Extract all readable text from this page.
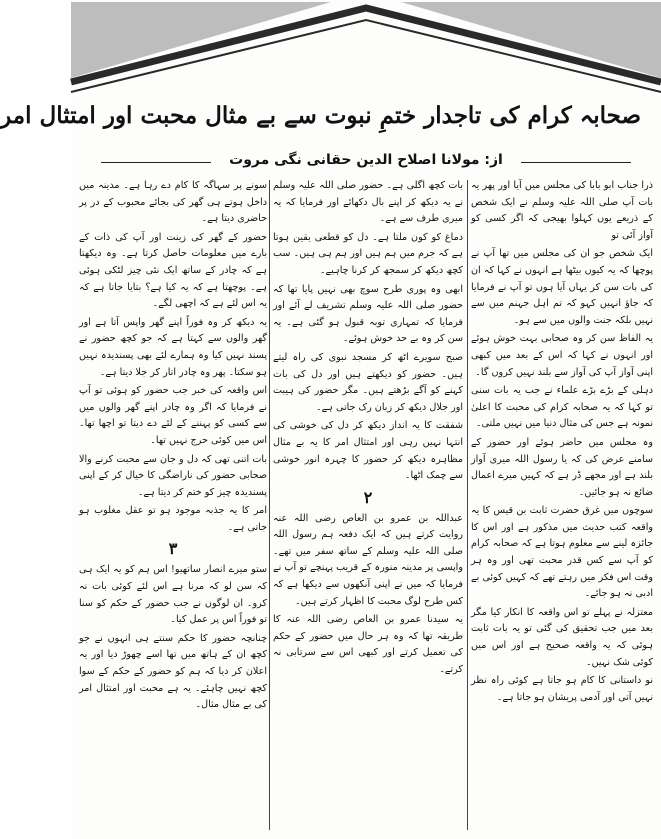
صحابہ کرام کی تاجدار ختمِ نبوت سے بے مثال محبت اور امتثال امر
از: مولانا اصلاح الدین حقانی نگی مروت

ذرا جناب ابو بابا کی مجلس میں آیا اور پھر یہ بات آپ صلی اللہ علیہ وسلم نے ایک شخص کے ذریعے یوں کہلوا بھیجی کہ اگر کسی کو آواز آئی تو

ایک شخص جو ان کی مجلس میں تھا آپ نے پوچھا کہ یہ کیوں بیٹھا ہے انہوں نے کہا کہ ان کی بات سن کر یہاں آیا ہوں تو آپ نے فرمایا کہ جاؤ انہیں کہو کہ تم اہل جہنم میں سے نہیں بلکہ جنت والوں میں سے ہو۔

یہ الفاظ سن کر وہ صحابی بہت خوش ہوئے اور انہوں نے کہا کہ اس کے بعد میں کبھی اپنی آواز آپ کی آواز سے بلند نہیں کروں گا۔

دہلی کے بڑے بڑے علماء نے جب یہ بات سنی تو کہا کہ یہ صحابہ کرام کی محبت کا اعلیٰ نمونہ ہے جس کی مثال دنیا میں نہیں ملتی۔

وہ مجلس میں حاضر ہوئے اور حضور کے سامنے عرض کی کہ یا رسول اللہ میری آواز بلند ہے اور مجھے ڈر ہے کہ کہیں میرے اعمال ضائع نہ ہو جائیں۔

سوچوں میں غرق حضرت ثابت بن قیس کا یہ واقعہ کتب حدیث میں مذکور ہے اور اس کا جائزہ لینے سے معلوم ہوتا ہے کہ صحابہ کرام کو آپ سے کس قدر محبت تھی اور وہ ہر وقت اس فکر میں رہتے تھے کہ کہیں کوئی بے ادبی نہ ہو جائے۔

معتزلہ نے پہلے تو اس واقعہ کا انکار کیا مگر بعد میں جب تحقیق کی گئی تو یہ بات ثابت ہوئی کہ یہ واقعہ صحیح ہے اور اس میں کوئی شک نہیں۔

نو داستانی کا کام ہو جاتا ہے کوئی راہ نظر نہیں آتی اور آدمی پریشان ہو جاتا ہے۔

بات کچھ اگلی ہے۔ حضور صلی اللہ علیہ وسلم نے یہ دیکھ کر اپنے بال دکھائے اور فرمایا کہ یہ میری طرف سے ہے۔

دماغ کو کون ملتا ہے۔ دل کو قطعی یقین ہوتا ہے کہ جرم میں ہم ہیں اور ہم ہی ہیں۔ سب کچھ دیکھ کر سمجھ کر کرنا چاہیے۔

ابھی وہ پوری طرح سوچ بھی نہیں پایا تھا کہ حضور صلی اللہ علیہ وسلم تشریف لے آئے اور فرمایا کہ تمہاری توبہ قبول ہو گئی ہے۔ یہ سن کر وہ بے حد خوش ہوئے۔

صبح سویرے اٹھ کر مسجد نبوی کی راہ لیتے ہیں۔ حضور کو دیکھتے ہیں اور دل کی بات کہنے کو آگے بڑھتے ہیں۔ مگر حضور کی ہیبت اور جلال دیکھ کر زبان رک جاتی ہے۔

شفقت کا یہ انداز دیکھ کر دل کی خوشی کی انتہا نہیں رہی اور امتثال امر کا یہ بے مثال مظاہرہ دیکھ کر حضور کا چہرہ انور خوشی سے چمک اٹھا۔

۲

عبداللہ بن عمرو بن العاص رضی اللہ عنہ روایت کرتے ہیں کہ ایک دفعہ ہم رسول اللہ صلی اللہ علیہ وسلم کے ساتھ سفر میں تھے۔ واپسی پر مدینہ منورہ کے قریب پہنچے تو آپ نے فرمایا کہ میں نے اپنی آنکھوں سے دیکھا ہے کہ کس طرح لوگ محبت کا اظہار کرتے ہیں۔

یہ سیدنا عمرو بن العاص رضی اللہ عنہ کا طریقہ تھا کہ وہ ہر حال میں حضور کے حکم کی تعمیل کرتے اور کبھی اس سے سرتابی نہ کرتے۔

سونے پر سہاگہ کا کام دے رہا ہے۔ مدینہ میں داخل ہوتے ہی گھر کی بجائے محبوب کے در پر حاضری دیتا ہے۔

حضور کے گھر کی زینت اور آپ کی ذات کے بارے میں معلومات حاصل کرتا ہے۔ وہ دیکھتا ہے کہ چادر کے ساتھ ایک نئی چیز لٹکی ہوئی ہے۔ پوچھتا ہے کہ یہ کیا ہے؟ بتایا جاتا ہے کہ یہ اس لئے ہے کہ اچھی لگے۔

یہ دیکھ کر وہ فوراً اپنے گھر واپس آتا ہے اور گھر والوں سے کہتا ہے کہ جو کچھ حضور نے پسند نہیں کیا وہ ہمارے لئے بھی پسندیدہ نہیں ہو سکتا۔ پھر وہ چادر اتار کر جلا دیتا ہے۔

اس واقعہ کی خبر جب حضور کو ہوئی تو آپ نے فرمایا کہ اگر وہ چادر اپنے گھر والوں میں سے کسی کو پہننے کے لئے دے دیتا تو اچھا تھا۔ اس میں کوئی حرج نہیں تھا۔

بات اتنی تھی کہ دل و جان سے محبت کرنے والا صحابی حضور کی ناراضگی کا خیال کر کے اپنی پسندیدہ چیز کو ختم کر دیتا ہے۔

امر کا یہ جذبہ موجود ہو تو عقل مغلوب ہو جاتی ہے۔

۳

ستو میرے انصار ساتھیو! اس ہم کو یہ ایک ہی کہ سن لو کہ مرنا ہے اس لئے کوئی بات نہ کرو۔ ان لوگوں نے جب حضور کے حکم کو سنا تو فوراً اس پر عمل کیا۔

چنانچہ حضور کا حکم سنتے ہی انہوں نے جو کچھ ان کے ہاتھ میں تھا اسے چھوڑ دیا اور یہ اعلان کر دیا کہ ہم کو حضور کے حکم کے سوا کچھ نہیں چاہئے۔ یہ ہے محبت اور امتثال امر کی بے مثال مثال۔
